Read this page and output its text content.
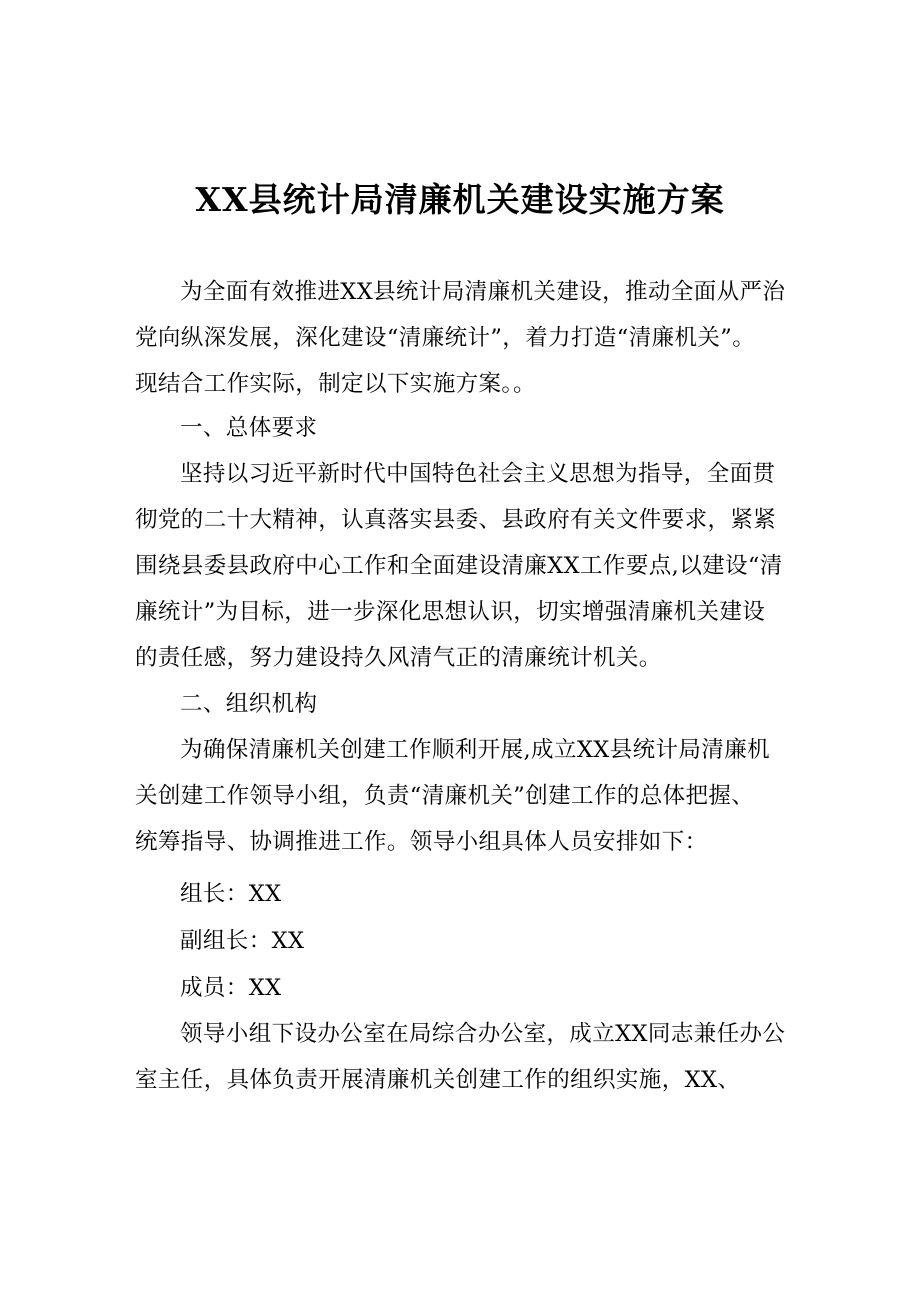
XX县统计局清廉机关建设实施方案
为全面有效推进XX县统计局清廉机关建设，推动全面从严治
党向纵深发展，深化建设“清廉统计”，着力打造“清廉机关”。
现结合工作实际，制定以下实施方案。。
一、总体要求
坚持以习近平新时代中国特色社会主义思想为指导，全面贯
彻党的二十大精神，认真落实县委、县政府有关文件要求，紧紧
围绕县委县政府中心工作和全面建设清廉XX工作要点,以建设“清
廉统计”为目标，进一步深化思想认识，切实增强清廉机关建设
的责任感，努力建设持久风清气正的清廉统计机关。
二、组织机构
为确保清廉机关创建工作顺利开展,成立XX县统计局清廉机
关创建工作领导小组，负责“清廉机关”创建工作的总体把握、
统筹指导、协调推进工作。领导小组具体人员安排如下：
组长：XX
副组长：XX
成员：XX
领导小组下设办公室在局综合办公室，成立XX同志兼任办公
室主任，具体负责开展清廉机关创建工作的组织实施，XX、
